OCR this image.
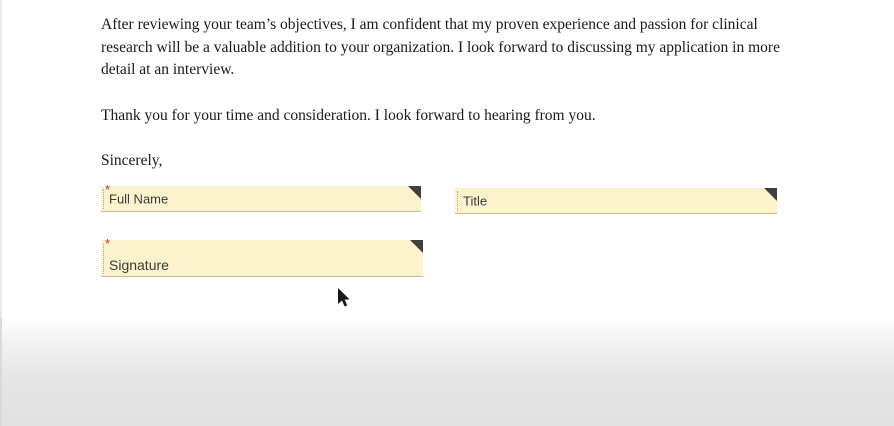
After reviewing your team’s objectives, I am confident that my proven experience and passion for clinical research will be a valuable addition to your organization. I look forward to discussing my application in more detail at an interview.

Thank you for your time and consideration. I look forward to hearing from you.

Sincerely,

*
Full Name	Title
*
Signature
